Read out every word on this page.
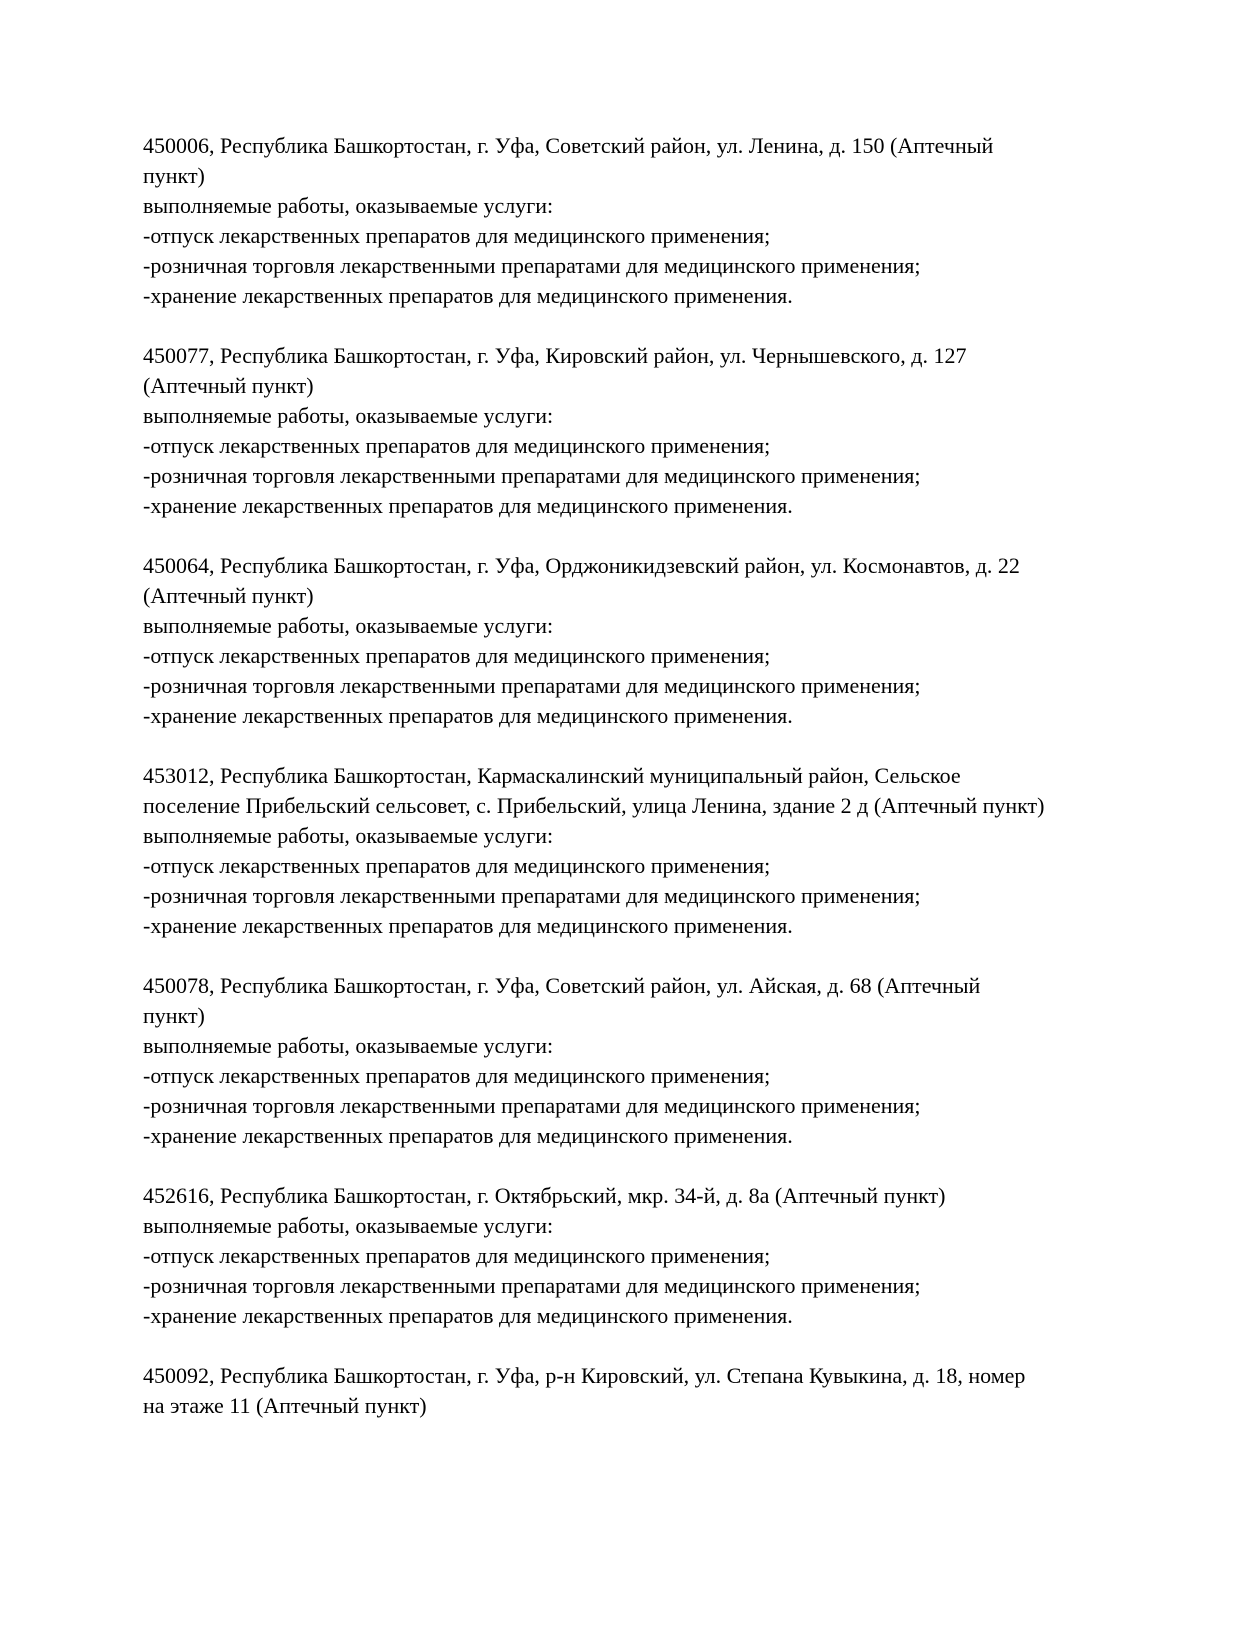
450006, Республика Башкортостан, г. Уфа, Советский район, ул. Ленина, д. 150 (Аптечный
пункт)
выполняемые работы, оказываемые услуги:
-отпуск лекарственных препаратов для медицинского применения;
-розничная торговля лекарственными препаратами для медицинского применения;
-хранение лекарственных препаратов для медицинского применения.
450077, Республика Башкортостан, г. Уфа, Кировский район, ул. Чернышевского, д. 127
(Аптечный пункт)
выполняемые работы, оказываемые услуги:
-отпуск лекарственных препаратов для медицинского применения;
-розничная торговля лекарственными препаратами для медицинского применения;
-хранение лекарственных препаратов для медицинского применения.
450064, Республика Башкортостан, г. Уфа, Орджоникидзевский район, ул. Космонавтов, д. 22
(Аптечный пункт)
выполняемые работы, оказываемые услуги:
-отпуск лекарственных препаратов для медицинского применения;
-розничная торговля лекарственными препаратами для медицинского применения;
-хранение лекарственных препаратов для медицинского применения.
453012, Республика Башкортостан, Кармаскалинский муниципальный район, Сельское
поселение Прибельский сельсовет, с. Прибельский, улица Ленина, здание 2 д (Аптечный пункт)
выполняемые работы, оказываемые услуги:
-отпуск лекарственных препаратов для медицинского применения;
-розничная торговля лекарственными препаратами для медицинского применения;
-хранение лекарственных препаратов для медицинского применения.
450078, Республика Башкортостан, г. Уфа, Советский район, ул. Айская, д. 68 (Аптечный
пункт)
выполняемые работы, оказываемые услуги:
-отпуск лекарственных препаратов для медицинского применения;
-розничная торговля лекарственными препаратами для медицинского применения;
-хранение лекарственных препаратов для медицинского применения.
452616, Республика Башкортостан, г. Октябрьский, мкр. 34-й, д. 8а (Аптечный пункт)
выполняемые работы, оказываемые услуги:
-отпуск лекарственных препаратов для медицинского применения;
-розничная торговля лекарственными препаратами для медицинского применения;
-хранение лекарственных препаратов для медицинского применения.
450092, Республика Башкортостан, г. Уфа, р-н Кировский, ул. Степана Кувыкина, д. 18, номер
на этаже 11 (Аптечный пункт)
